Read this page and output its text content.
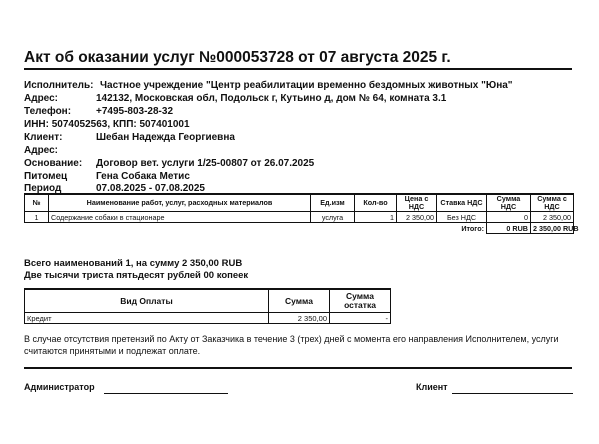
Акт об оказании услуг №000053728 от 07 августа 2025 г.
Исполнитель: Частное учреждение "Центр реабилитации временно бездомных животных "Юна"
Адрес:	142132, Московская обл, Подольск г, Кутьино д, дом № 64, комната 3.1
Телефон: +7495-803-28-32
ИНН: 5074052563, КПП: 507401001
Клиент:	Шебан Надежда Георгиевна
Адрес:
Основание: Договор вет. услуги 1/25-00807 от 26.07.2025
Питомец	Гена Собака Метис
Период	07.08.2025 - 07.08.2025
№	Наименование работ, услуг, расходных материалов	Ед.изм	Кол-во	Цена с НДС	Ставка НДС	Сумма НДС	Сумма с НДС
1	Содержание собаки в стационаре	услуга	1	2 350,00	Без НДС	0	2 350,00
				Итого:		0 RUB	2 350,00 RUB
Всего наименований 1, на сумму 2 350,00 RUB
Две тысячи триста пятьдесят рублей 00 копеек
Вид Оплаты	Сумма	Сумма остатка
Кредит	2 350,00	-
В случае отсутствия претензий по Акту от Заказчика в течение 3 (трех) дней с момента его направления Исполнителем, услуги считаются принятыми и подлежат оплате.
Администратор	Клиент
